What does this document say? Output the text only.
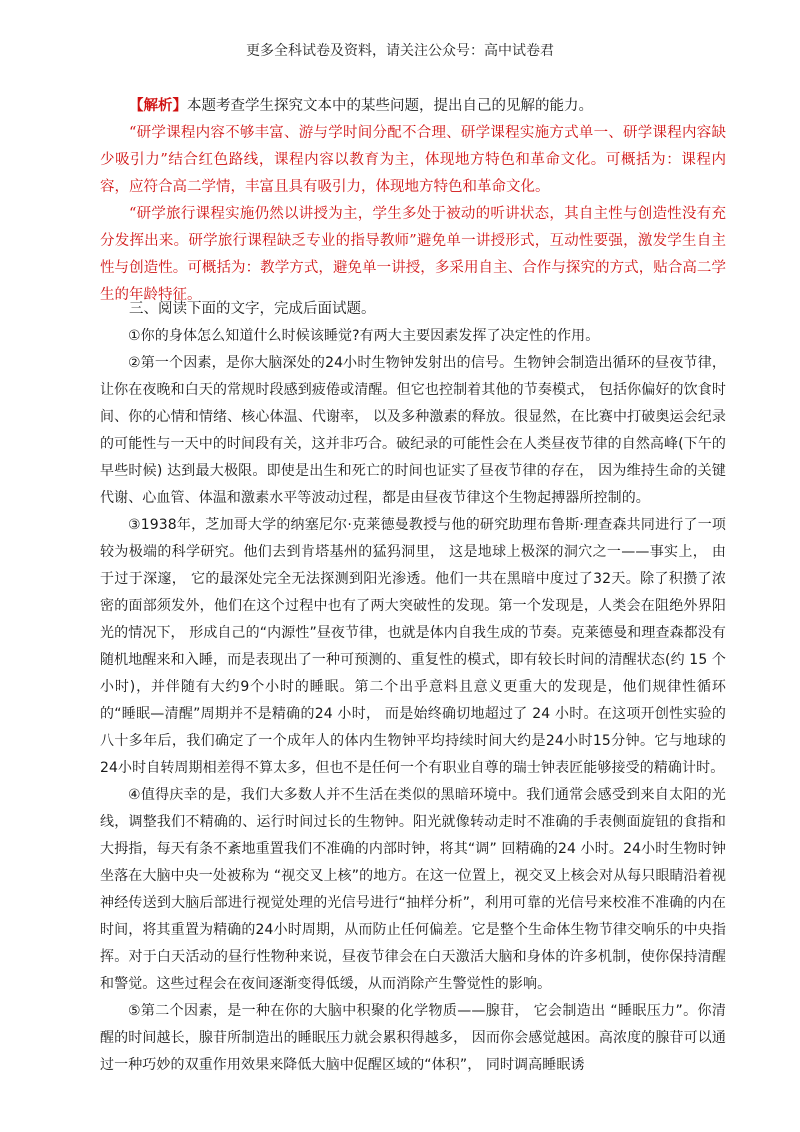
更多全科试卷及资料，请关注公众号：高中试卷君

【解析】本题考查学生探究文本中的某些问题，提出自己的见解的能力。

“研学课程内容不够丰富、游与学时间分配不合理、研学课程实施方式单一、研学课程内容缺少吸引力”结合红色路线，课程内容以教育为主，体现地方特色和革命文化。可概括为：课程内容，应符合高二学情，丰富且具有吸引力，体现地方特色和革命文化。

“研学旅行课程实施仍然以讲授为主，学生多处于被动的听讲状态，其自主性与创造性没有充分发挥出来。研学旅行课程缺乏专业的指导教师”避免单一讲授形式，互动性要强，激发学生自主性与创造性。可概括为：教学方式，避免单一讲授，多采用自主、合作与探究的方式，贴合高二学生的年龄特征。

三、阅读下面的文字，完成后面试题。

①你的身体怎么知道什么时候该睡觉?有两大主要因素发挥了决定性的作用。

②第一个因素，是你大脑深处的24小时生物钟发射出的信号。生物钟会制造出循环的昼夜节律，让你在夜晚和白天的常规时段感到疲倦或清醒。但它也控制着其他的节奏模式， 包括你偏好的饮食时间、你的心情和情绪、核心体温、代谢率， 以及多种激素的释放。很显然，在比赛中打破奥运会纪录的可能性与一天中的时间段有关，这并非巧合。破纪录的可能性会在人类昼夜节律的自然高峰(下午的早些时候) 达到最大极限。即使是出生和死亡的时间也证实了昼夜节律的存在， 因为维持生命的关键代谢、心血管、体温和激素水平等波动过程，都是由昼夜节律这个生物起搏器所控制的。

③1938年，芝加哥大学的纳塞尼尔·克莱德曼教授与他的研究助理布鲁斯·理查森共同进行了一项较为极端的科学研究。他们去到肯塔基州的猛犸洞里， 这是地球上极深的洞穴之一——事实上， 由于过于深邃， 它的最深处完全无法探测到阳光渗透。他们一共在黑暗中度过了32天。除了积攒了浓密的面部须发外，他们在这个过程中也有了两大突破性的发现。第一个发现是，人类会在阻绝外界阳光的情况下， 形成自己的“内源性”昼夜节律，也就是体内自我生成的节奏。克莱德曼和理查森都没有随机地醒来和入睡，而是表现出了一种可预测的、重复性的模式，即有较长时间的清醒状态(约 15 个小时)，并伴随有大约9个小时的睡眠。第二个出乎意料且意义更重大的发现是，他们规律性循环的“睡眠—清醒”周期并不是精确的24 小时， 而是始终确切地超过了 24 小时。在这项开创性实验的八十多年后，我们确定了一个成年人的体内生物钟平均持续时间大约是24小时15分钟。它与地球的24小时自转周期相差得不算太多，但也不是任何一个有职业自尊的瑞士钟表匠能够接受的精确计时。

④值得庆幸的是，我们大多数人并不生活在类似的黑暗环境中。我们通常会感受到来自太阳的光线，调整我们不精确的、运行时间过长的生物钟。阳光就像转动走时不准确的手表侧面旋钮的食指和大拇指，每天有条不紊地重置我们不准确的内部时钟，将其“调” 回精确的24 小时。24小时生物时钟坐落在大脑中央一处被称为 “视交叉上核”的地方。在这一位置上，视交叉上核会对从每只眼睛沿着视神经传送到大脑后部进行视觉处理的光信号进行“抽样分析”，利用可靠的光信号来校准不准确的内在时间，将其重置为精确的24小时周期，从而防止任何偏差。它是整个生命体生物节律交响乐的中央指挥。对于白天活动的昼行性物种来说，昼夜节律会在白天激活大脑和身体的许多机制，使你保持清醒和警觉。这些过程会在夜间逐渐变得低缓，从而消除产生警觉性的影响。

⑤第二个因素，是一种在你的大脑中积聚的化学物质——腺苷， 它会制造出 “睡眠压力”。你清醒的时间越长，腺苷所制造出的睡眠压力就会累积得越多， 因而你会感觉越困。高浓度的腺苷可以通过一种巧妙的双重作用效果来降低大脑中促醒区域的“体积”， 同时调高睡眠诱
